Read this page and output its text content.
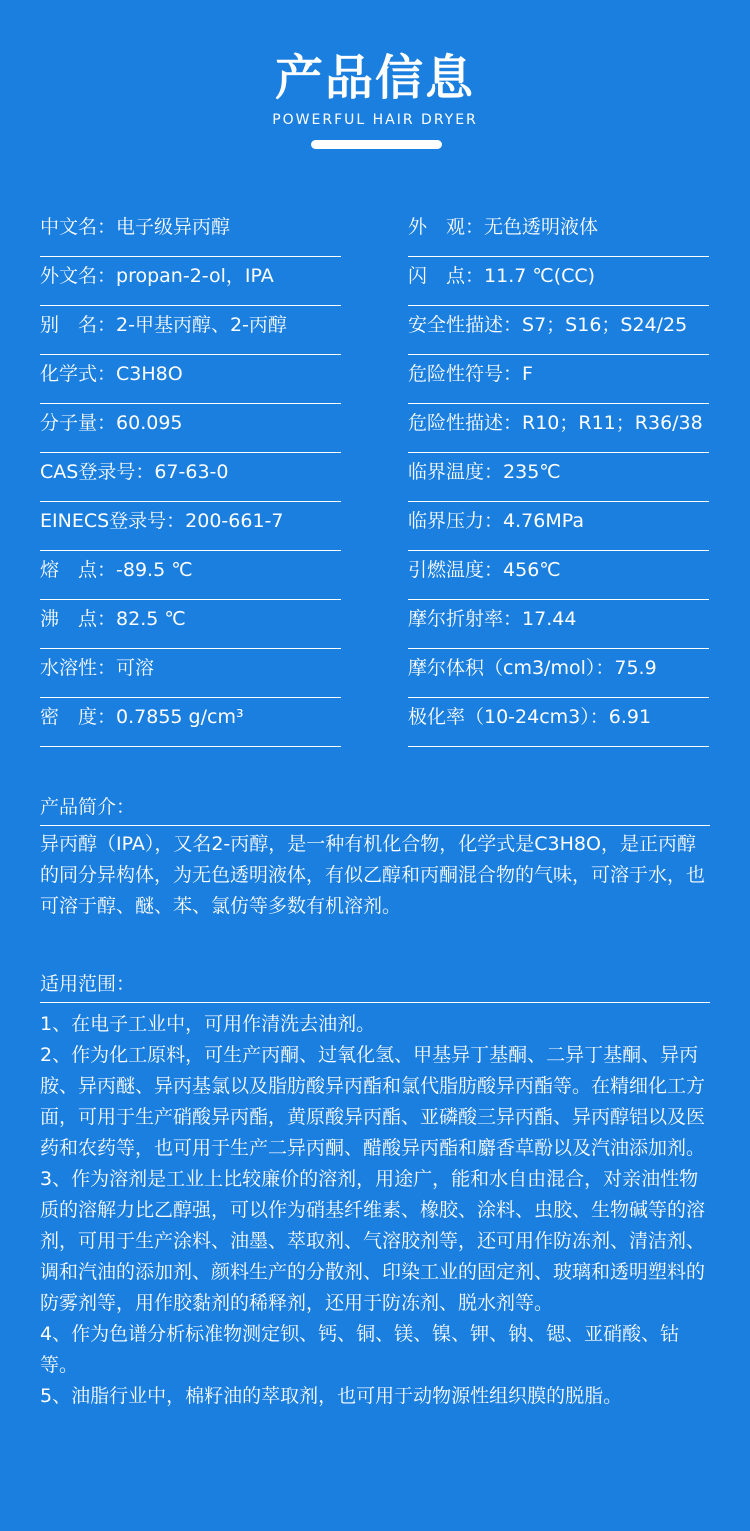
产品信息
POWERFUL HAIR DRYER
中文名：电子级异丙醇
外文名：propan-2-ol，IPA
别　名：2-甲基丙醇、2-丙醇
化学式：C3H8O
分子量：60.095
CAS登录号：67-63-0
EINECS登录号：200-661-7
熔　点：-89.5 ℃
沸　点：82.5 ℃
水溶性：可溶
密　度：0.7855 g/cm³
外　观：无色透明液体
闪　点：11.7 ℃(CC)
安全性描述：S7；S16；S24/25
危险性符号：F
危险性描述：R10；R11；R36/38
临界温度：235℃
临界压力：4.76MPa
引燃温度：456℃
摩尔折射率：17.44
摩尔体积（cm3/mol）：75.9
极化率（10-24cm3）：6.91
产品简介：

异丙醇（IPA），又名2-丙醇，是一种有机化合物，化学式是C3H8O，是正丙醇的同分异构体，为无色透明液体，有似乙醇和丙酮混合物的气味，可溶于水，也可溶于醇、醚、苯、氯仿等多数有机溶剂。

适用范围：

1、在电子工业中，可用作清洗去油剂。

2、作为化工原料，可生产丙酮、过氧化氢、甲基异丁基酮、二异丁基酮、异丙胺、异丙醚、异丙基氯以及脂肪酸异丙酯和氯代脂肪酸异丙酯等。在精细化工方面，可用于生产硝酸异丙酯，黄原酸异丙酯、亚磷酸三异丙酯、异丙醇铝以及医药和农药等，也可用于生产二异丙酮、醋酸异丙酯和麝香草酚以及汽油添加剂。

3、作为溶剂是工业上比较廉价的溶剂，用途广，能和水自由混合，对亲油性物质的溶解力比乙醇强，可以作为硝基纤维素、橡胶、涂料、虫胶、生物碱等的溶剂，可用于生产涂料、油墨、萃取剂、气溶胶剂等，还可用作防冻剂、清洁剂、调和汽油的添加剂、颜料生产的分散剂、印染工业的固定剂、玻璃和透明塑料的防雾剂等，用作胶黏剂的稀释剂，还用于防冻剂、脱水剂等。

4、作为色谱分析标准物测定钡、钙、铜、镁、镍、钾、钠、锶、亚硝酸、钴等。

5、油脂行业中，棉籽油的萃取剂，也可用于动物源性组织膜的脱脂。
